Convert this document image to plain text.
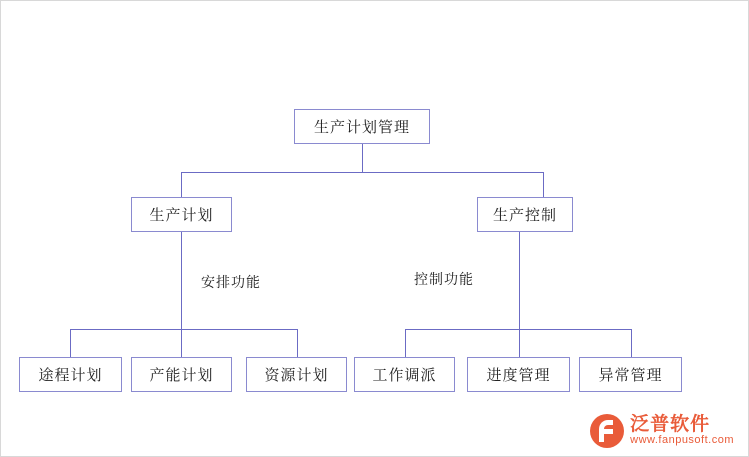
生产计划管理
生产计划	生产控制
安排功能	控制功能
途程计划	产能计划	资源计划	工作调派	进度管理	异常管理
泛普软件
www.fanpusoft.com
